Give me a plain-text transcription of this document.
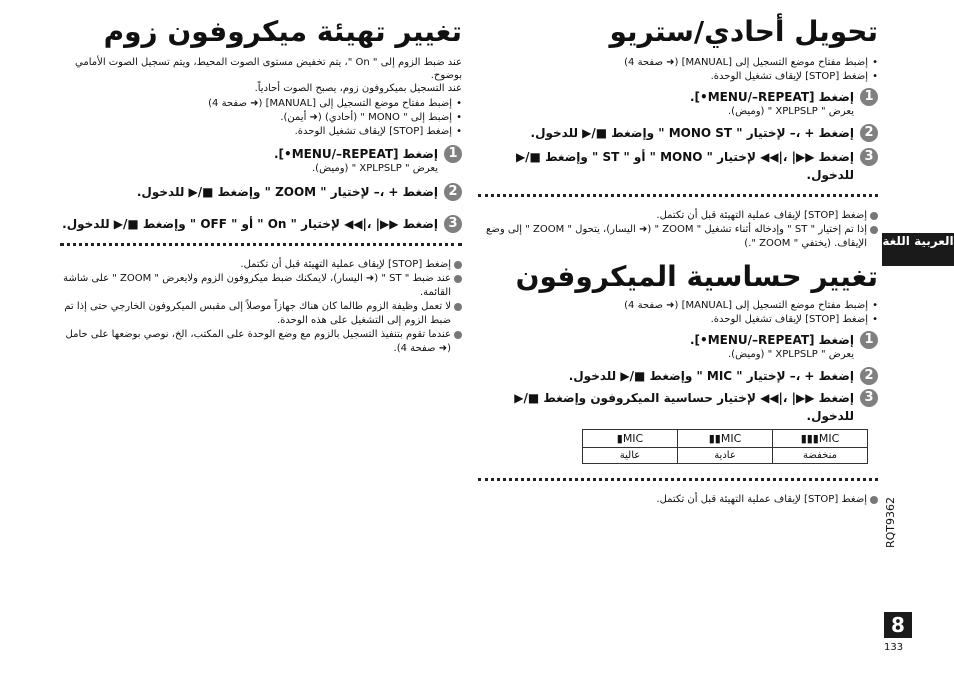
تحويل أحادي/ستريو

• إضبط مفتاح موضع التسجيل إلى [MANUAL] (➜ صفحة 4)

• إضغط [STOP] لإيقاف تشغيل الوحدة.

1
إضغط [MENU/–REPEAT•].
يعرض " XPLPSLP " (وميض).
2
إضغط + ،– لإختيار " MONO ST " وإضغط ■/▶ للدخول.
3
إضغط ▶▶| ،|◀◀ لإختيار " MONO " أو " ST " وإضغط ■/▶ للدخول.

إضغط [STOP] لإيقاف عملية التهيئة قبل أن تكتمل.

إذا تم إختيار " ST " وإدخاله أثناء تشغيل " ZOOM " (➜ اليسار)، يتحول " ZOOM " إلى وضع الإيقاف. (يختفي " ZOOM ".)

تغيير حساسية الميكروفون

• إضبط مفتاح موضع التسجيل إلى [MANUAL] (➜ صفحة 4)

• إضغط [STOP] لإيقاف تشغيل الوحدة.

1
إضغط [MENU/–REPEAT•].
يعرض " XPLPSLP " (وميض).
2
إضغط + ،– لإختيار " MIC " وإضغط ■/▶ للدخول.
3
إضغط ▶▶| ،|◀◀ لإختيار حساسية الميكروفون وإضغط ■/▶ للدخول.
MIC▮▮▮	MIC▮▮	MIC▮
منخفضة	عادية	عالية

إضغط [STOP] لإيقاف عملية التهيئة قبل أن تكتمل.

تغيير تهيئة ميكروفون زوم

عند ضبط الزوم إلى " On "، يتم تخفيض مستوى الصوت المحيط، ويتم تسجيل الصوت الأمامي بوضوح.

عند التسجيل بميكروفون زوم، يصبح الصوت أحادياً.

• إضبط مفتاح موضع التسجيل إلى [MANUAL] (➜ صفحة 4)

• إضبط إلى " MONO " (أحادي) (➜ أيمن).

• إضغط [STOP] لإيقاف تشغيل الوحدة.

1
إضغط [MENU/–REPEAT•].
يعرض " XPLPSLP " (وميض).
2
إضغط + ،– لإختيار " ZOOM " وإضغط ■/▶ للدخول.
3
إضغط ▶▶| ،|◀◀ لإختيار " On " أو " OFF " وإضغط ■/▶ للدخول.

إضغط [STOP] لإيقاف عملية التهيئة قبل أن تكتمل.

عند ضبط " ST " (➜ اليسار)، لايمكنك ضبط ميكروفون الزوم ولايعرض " ZOOM " على شاشة القائمة.

لا تعمل وظيفة الزوم طالما كان هناك جهازاً موصلاً إلى مقبس الميكروفون الخارجي حتى إذا تم ضبط الزوم إلى التشغيل على هذه الوحدة.

عندما تقوم بتنفيذ التسجيل بالزوم مع وضع الوحدة على المكتب، الخ، نوصي بوضعها على حامل (➜ صفحة 4).

العربية اللغة
RQT9362
8
133
